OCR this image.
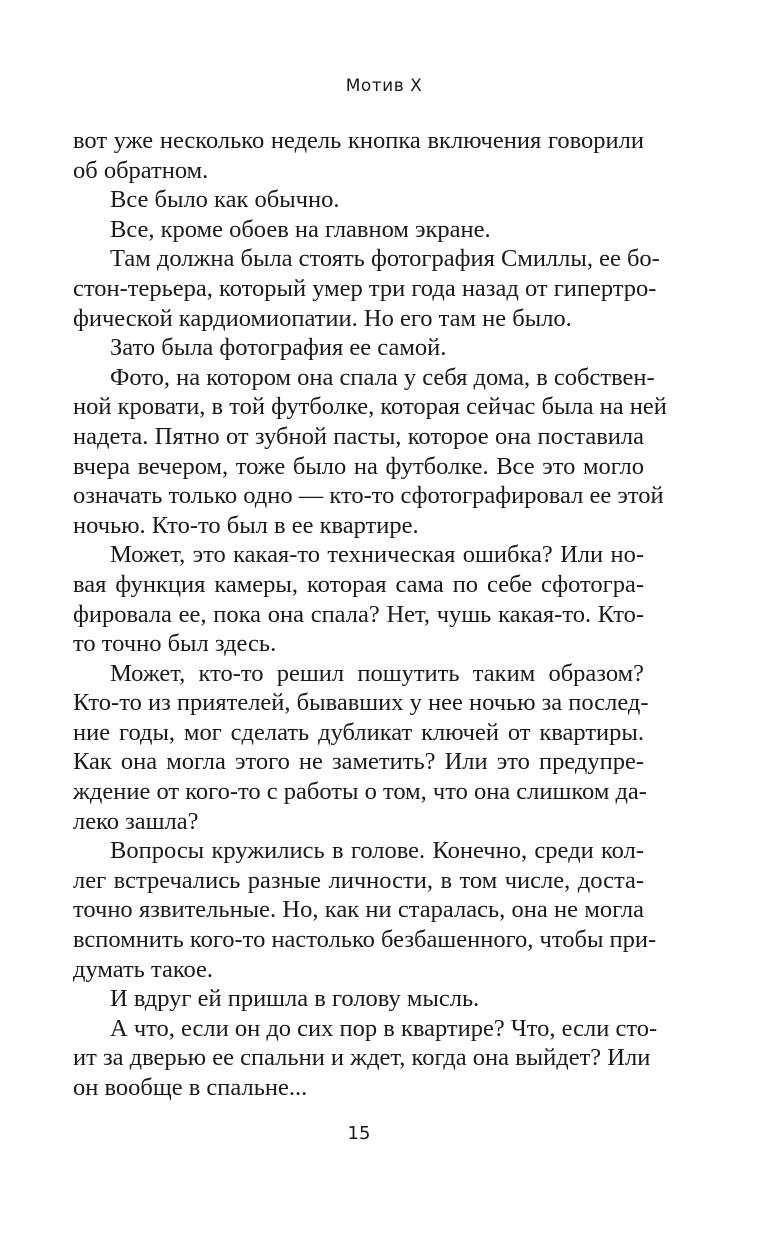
Мотив X
вот уже несколько недель кнопка включения говорили
об обратном.
Все было как обычно.
Все, кроме обоев на главном экране.
Там должна была стоять фотография Смиллы, ее бо-
стон-терьера, который умер три года назад от гипертро-
фической кардиомиопатии. Но его там не было.
Зато была фотография ее самой.
Фото, на котором она спала у себя дома, в собствен-
ной кровати, в той футболке, которая сейчас была на ней
надета. Пятно от зубной пасты, которое она поставила
вчера вечером, тоже было на футболке. Все это могло
означать только одно — кто-то сфотографировал ее этой
ночью. Кто-то был в ее квартире.
Может, это какая-то техническая ошибка? Или но-
вая функция камеры, которая сама по себе сфотогра-
фировала ее, пока она спала? Нет, чушь какая-то. Кто-
то точно был здесь.
Может, кто-то решил пошутить таким образом?
Кто-то из приятелей, бывавших у нее ночью за послед-
ние годы, мог сделать дубликат ключей от квартиры.
Как она могла этого не заметить? Или это предупре-
ждение от кого-то с работы о том, что она слишком да-
леко зашла?
Вопросы кружились в голове. Конечно, среди кол-
лег встречались разные личности, в том числе, доста-
точно язвительные. Но, как ни старалась, она не могла
вспомнить кого-то настолько безбашенного, чтобы при-
думать такое.
И вдруг ей пришла в голову мысль.
А что, если он до сих пор в квартире? Что, если сто-
ит за дверью ее спальни и ждет, когда она выйдет? Или
он вообще в спальне...
15
